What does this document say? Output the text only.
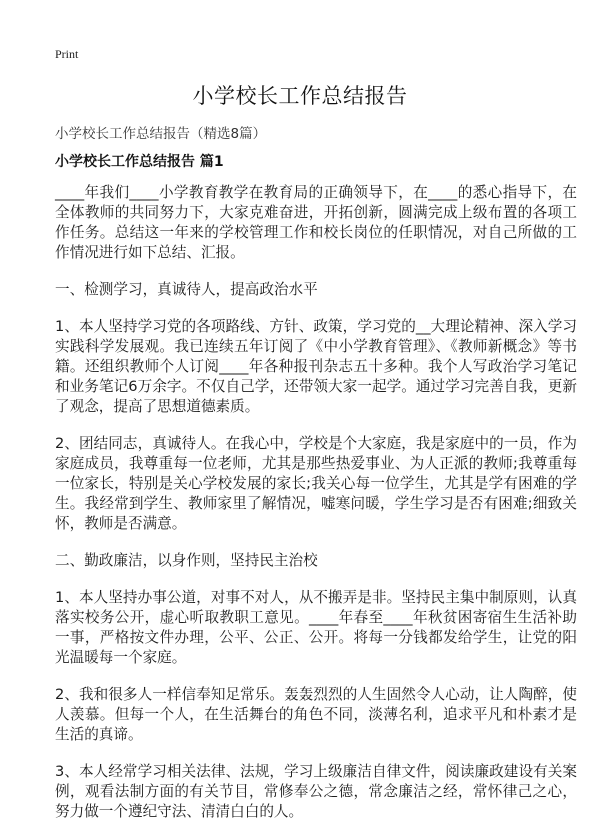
Print
小学校长工作总结报告
小学校长工作总结报告（精选8篇）
小学校长工作总结报告 篇1

____年我们____小学教育教学在教育局的正确领导下，在____的悉心指导下，在全体教师的共同努力下，大家克难奋进，开拓创新，圆满完成上级布置的各项工作任务。总结这一年来的学校管理工作和校长岗位的任职情况，对自己所做的工作情况进行如下总结、汇报。

一、检测学习，真诚待人，提高政治水平

1、本人坚持学习党的各项路线、方针、政策，学习党的__大理论精神、深入学习实践科学发展观。我已连续五年订阅了《中小学教育管理》、《教师新概念》等书籍。还组织教师个人订阅____年各种报刊杂志五十多种。我个人写政治学习笔记和业务笔记6万余字。不仅自己学，还带领大家一起学。通过学习完善自我，更新了观念，提高了思想道德素质。

2、团结同志，真诚待人。在我心中，学校是个大家庭，我是家庭中的一员，作为家庭成员，我尊重每一位老师，尤其是那些热爱事业、为人正派的教师;我尊重每一位家长，特别是关心学校发展的家长;我关心每一位学生，尤其是学有困难的学生。我经常到学生、教师家里了解情况，嘘寒问暖，学生学习是否有困难;细致关怀，教师是否满意。

二、勤政廉洁，以身作则，坚持民主治校

1、本人坚持办事公道，对事不对人，从不搬弄是非。坚持民主集中制原则，认真落实校务公开，虚心听取教职工意见。____年春至____年秋贫困寄宿生生活补助一事，严格按文件办理，公平、公正、公开。将每一分钱都发给学生，让党的阳光温暖每一个家庭。

2、我和很多人一样信奉知足常乐。轰轰烈烈的人生固然令人心动，让人陶醉，使人羡慕。但每一个人，在生活舞台的角色不同，淡薄名利，追求平凡和朴素才是生活的真谛。

3、本人经常学习相关法律、法规，学习上级廉洁自律文件，阅读廉政建设有关案例，观看法制方面的有关节目，常修奉公之德，常念廉洁之经，常怀律己之心，努力做一个遵纪守法、清清白白的人。
